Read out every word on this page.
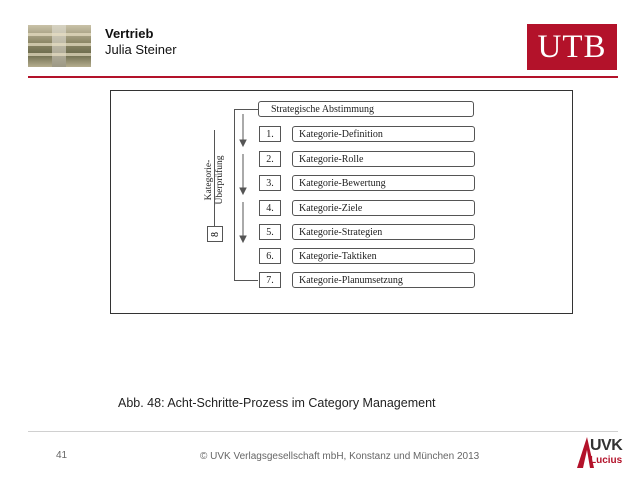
Vertrieb
Julia Steiner	UTB
Strategische Abstimmung
Kategorie- Überprüfung
8
1.	Kategorie-Definition
2.	Kategorie-Rolle
3.	Kategorie-Bewertung
4.	Kategorie-Ziele
5.	Kategorie-Strategien
6.	Kategorie-Taktiken
7.	Kategorie-Planumsetzung
Abb. 48: Acht-Schritte-Prozess im Category Management
41	© UVK Verlagsgesellschaft mbH, Konstanz und München 2013
UVK
Lucius
